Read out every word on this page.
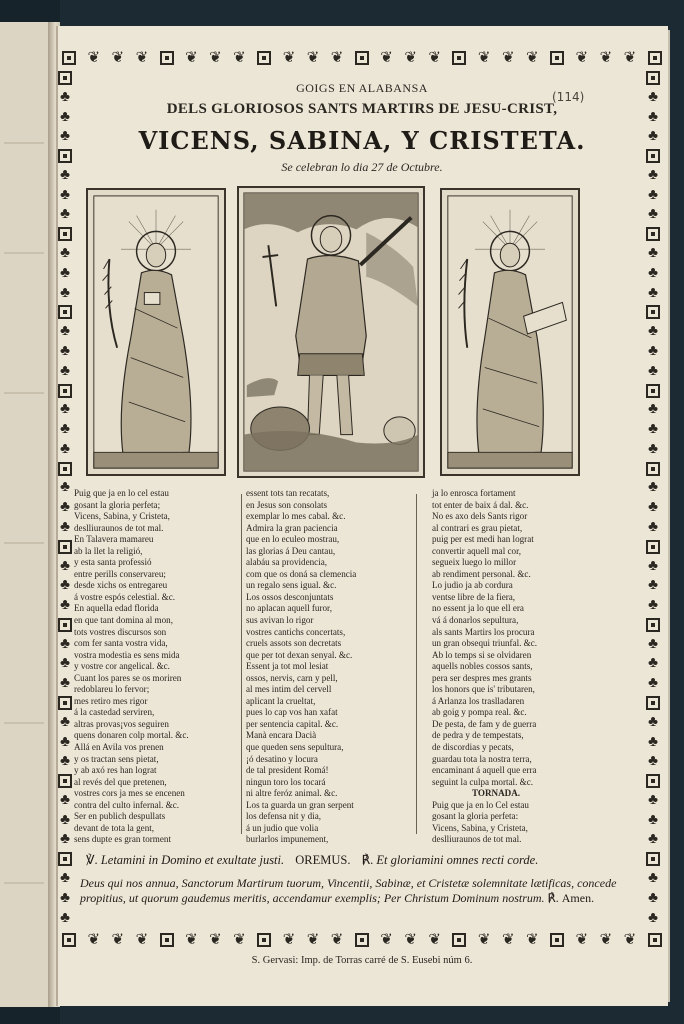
❦ ❦ ❦ ❦ ❦ ❦ ❦ ❦ ❦ ❦ ❦ ❦ ❦ ❦ ❦ ❦ ❦ ❦
❦ ❦ ❦ ❦ ❦ ❦ ❦ ❦ ❦ ❦ ❦ ❦ ❦ ❦ ❦ ❦ ❦ ❦
♣
♣
♣
♣
♣
♣
♣
♣
♣
♣
♣
♣
♣
♣
♣
♣
♣
♣
♣
♣
♣
♣
♣
♣
♣
♣
♣
♣
♣
♣
♣
♣
♣
♣
♣
♣
♣
♣
♣
♣
♣
♣
♣
♣
♣
♣
♣
♣
♣
♣
♣
♣
♣
♣
♣
♣
♣
♣
♣
♣
♣
♣
♣
♣
♣
♣
(114)
GOIGS EN ALABANSA
DELS GLORIOSOS SANTS MARTIRS DE JESU-CRIST,
VICENS, SABINA, Y CRISTETA.
Se celebran lo dia 27 de Octubre.
Puig que ja en lo cel estau
gosant la gloria perfeta;
Vicens, Sabina, y Cristeta,
deslliuraunos de tot mal.
En Talavera mamareu
ab la llet la religió,
y esta santa professió
entre perills conservareu;
desde xichs os entregareu
á vostre espós celestial. &c.
En aquella edad florida
en que tant domina al mon,
tots vostres discursos son
com fer santa vostra vida,
vostra modestia es sens mida
y vostre cor angelical. &c.
Cuant los pares se os moriren
redoblareu lo fervor;
mes retiro mes rigor
á la castedad serviren,
altras provas¡vos seguiren
quens donaren colp mortal. &c.
Allá en Avila vos prenen
y os tractan sens pietat,
y ab axó res han lograt
al revés del que pretenen,
vostres cors ja mes se encenen
contra del culto infernal. &c.
Ser en publich despullats
devant de tota la gent,
sens dupte es gran torment
essent tots tan recatats,
en Jesus son consolats
exemplar lo mes cabal. &c.
Admira la gran paciencia
que en lo eculeo mostrau,
las glorias á Deu cantau,
alabáu sa providencia,
com que os doná sa clemencia
un regalo sens igual. &c.
Los ossos desconjuntats
no aplacan aquell furor,
sus avivan lo rigor
vostres cantichs concertats,
cruels assots son decretats
que per tot dexan senyal. &c.
Essent ja tot mol lesiat
ossos, nervis, carn y pell,
al mes intim del cervell
aplicant la crueltat,
pues lo cap vos han xafat
per sentencia capital. &c.
Manà encara Dacià
que queden sens sepultura,
¡ó desatino y locura
de tal president Romá!
ningun toro los tocará
ni altre feróz animal. &c.
Los ta guarda un gran serpent
los defensa nit y dia,
á un judio que volia
burlarlos impunement,
ja lo enrosca fortament
tot enter de baix á dal. &c.
No es axo dels Sants rigor
al contrari es grau pietat,
puig per est medi han lograt
convertir aquell mal cor,
segueix luego lo millor
ab rendiment personal. &c.
Lo judio ja ab cordura
ventse libre de la fiera,
no essent ja lo que ell era
vá á donarlos sepultura,
als sants Martirs los procura
un gran obsequi triunfal. &c.
Ab lo temps si se olvidaren
aquells nobles cossos sants,
pera ser despres mes grants
los honors que is' tributaren,
á Arlanza los traslladaren
ab goig y pompa real. &c.
De pesta, de fam y de guerra
de pedra y de tempestats,
de discordias y pecats,
guardau tota la nostra terra,
encaminant á aquell que erra
seguint la culpa mortal. &c.
TORNADA.
Puig que ja en lo Cel estau
gosant la gloria perfeta:
Vicens, Sabina, y Cristeta,
deslliuraunos de tot mal.
℣. Letamini in Domino et exultate justi. OREMUS. ℟. Et gloriamini omnes recti corde.
Deus qui nos annua, Sanctorum Martirum tuorum, Vincentii, Sabinæ, et Cristetæ solemnitate lætificas, concede propitius, ut quorum gaudemus meritis, accendamur exemplis; Per Christum Dominum nostrum. ℟. Amen.
S. Gervasi: Imp. de Torras carré de S. Eusebi núm 6.
